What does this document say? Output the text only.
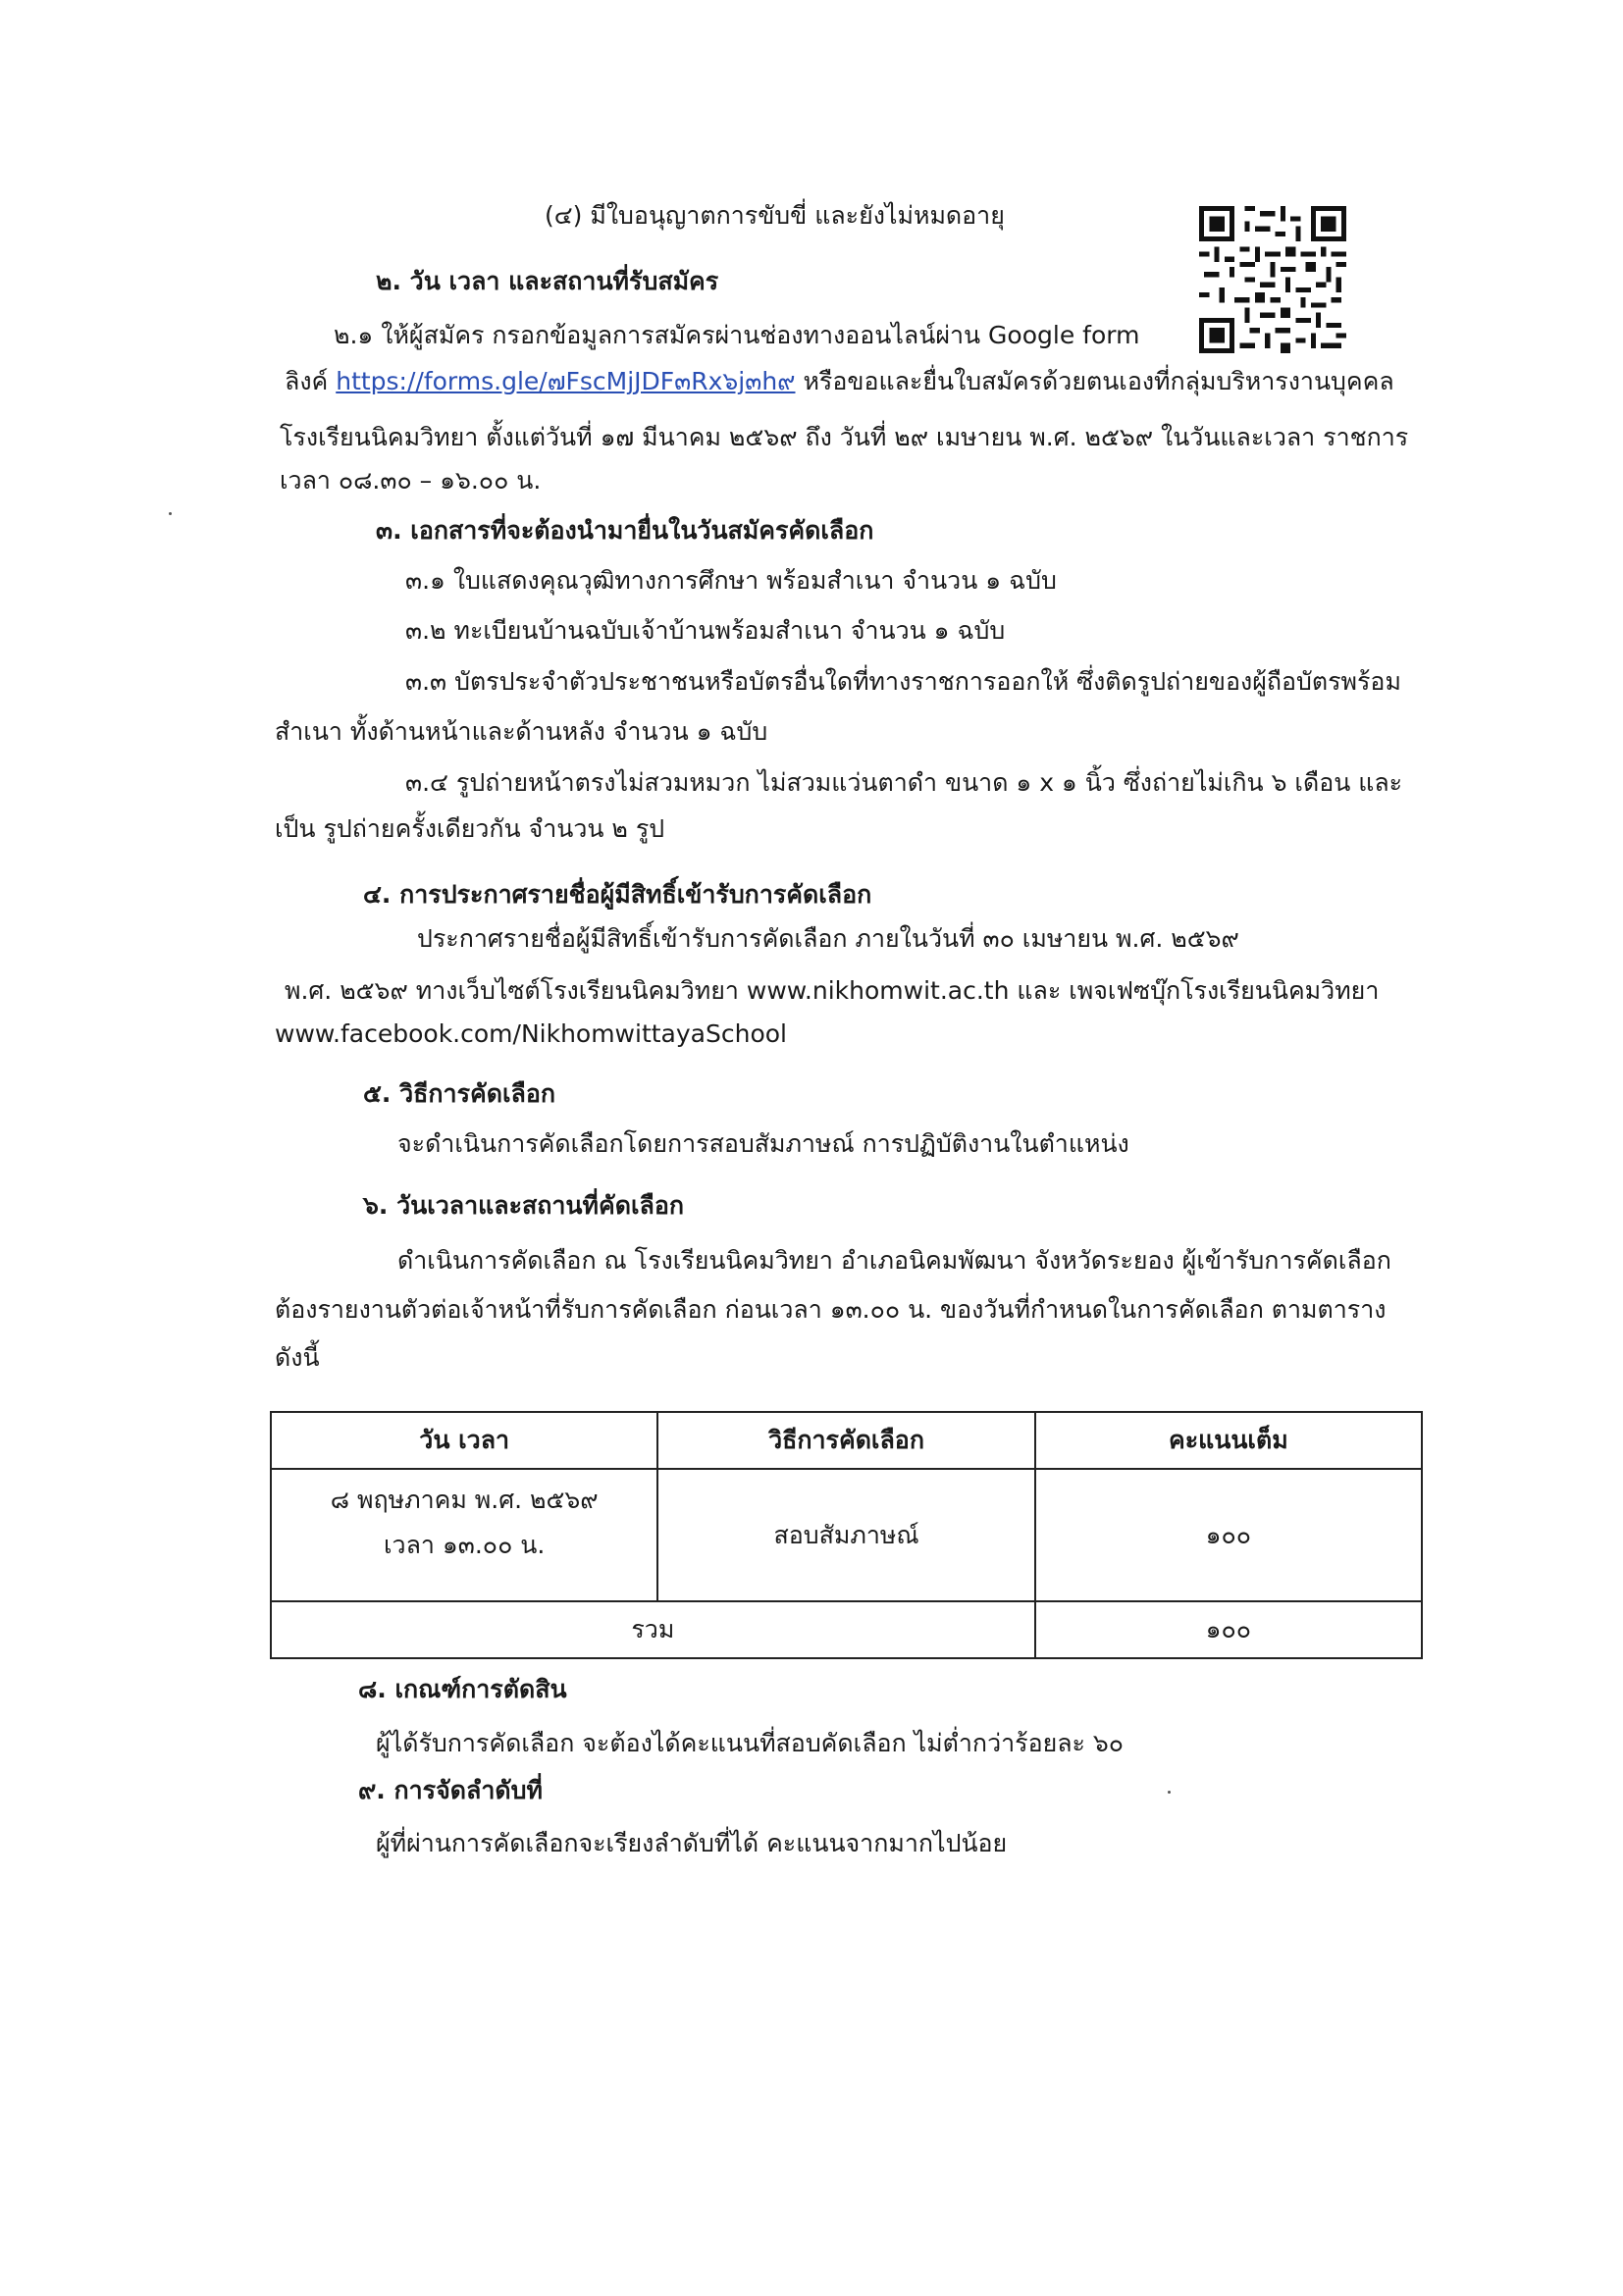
(๔) มีใบอนุญาตการขับขี่ และยังไม่หมดอายุ
๒. วัน เวลา และสถานที่รับสมัคร
๒.๑ ให้ผู้สมัคร กรอกข้อมูลการสมัครผ่านช่องทางออนไลน์ผ่าน Google form
ลิงค์ https://forms.gle/๗FscMjJDF๓Rx๖j๓h๙ หรือขอและยื่นใบสมัครด้วยตนเองที่กลุ่มบริหารงานบุคคล
โรงเรียนนิคมวิทยา ตั้งแต่วันที่ ๑๗ มีนาคม ๒๕๖๙ ถึง วันที่ ๒๙ เมษายน พ.ศ. ๒๕๖๙ ในวันและเวลา ราชการ
เวลา ๐๘.๓๐ – ๑๖.๐๐ น.
๓. เอกสารที่จะต้องนำมายื่นในวันสมัครคัดเลือก
๓.๑ ใบแสดงคุณวุฒิทางการศึกษา พร้อมสำเนา จำนวน ๑ ฉบับ
๓.๒ ทะเบียนบ้านฉบับเจ้าบ้านพร้อมสำเนา จำนวน ๑ ฉบับ
๓.๓ บัตรประจำตัวประชาชนหรือบัตรอื่นใดที่ทางราชการออกให้ ซึ่งติดรูปถ่ายของผู้ถือบัตรพร้อม
สำเนา ทั้งด้านหน้าและด้านหลัง จำนวน ๑ ฉบับ
๓.๔ รูปถ่ายหน้าตรงไม่สวมหมวก ไม่สวมแว่นตาดำ ขนาด ๑ x ๑ นิ้ว ซึ่งถ่ายไม่เกิน ๖ เดือน และ
เป็น รูปถ่ายครั้งเดียวกัน จำนวน ๒ รูป
๔. การประกาศรายชื่อผู้มีสิทธิ์เข้ารับการคัดเลือก
ประกาศรายชื่อผู้มีสิทธิ์เข้ารับการคัดเลือก ภายในวันที่ ๓๐ เมษายน พ.ศ. ๒๕๖๙
พ.ศ. ๒๕๖๙ ทางเว็บไซต์โรงเรียนนิคมวิทยา www.nikhomwit.ac.th และ เพจเฟซบุ๊กโรงเรียนนิคมวิทยา
www.facebook.com/NikhomwittayaSchool
๕. วิธีการคัดเลือก
จะดำเนินการคัดเลือกโดยการสอบสัมภาษณ์ การปฏิบัติงานในตำแหน่ง
๖. วันเวลาและสถานที่คัดเลือก
ดำเนินการคัดเลือก ณ โรงเรียนนิคมวิทยา อำเภอนิคมพัฒนา จังหวัดระยอง ผู้เข้ารับการคัดเลือก
ต้องรายงานตัวต่อเจ้าหน้าที่รับการคัดเลือก ก่อนเวลา ๑๓.๐๐ น. ของวันที่กำหนดในการคัดเลือก ตามตาราง
ดังนี้
วัน เวลา	วิธีการคัดเลือก	คะแนนเต็ม

๘ พฤษภาคม พ.ศ. ๒๕๖๙
เวลา ๑๓.๐๐ น.	สอบสัมภาษณ์	๑๐๐
รวม		๑๐๐
๘. เกณฑ์การตัดสิน
ผู้ได้รับการคัดเลือก จะต้องได้คะแนนที่สอบคัดเลือก ไม่ต่ำกว่าร้อยละ ๖๐
๙. การจัดลำดับที่
ผู้ที่ผ่านการคัดเลือกจะเรียงลำดับที่ได้ คะแนนจากมากไปน้อย
